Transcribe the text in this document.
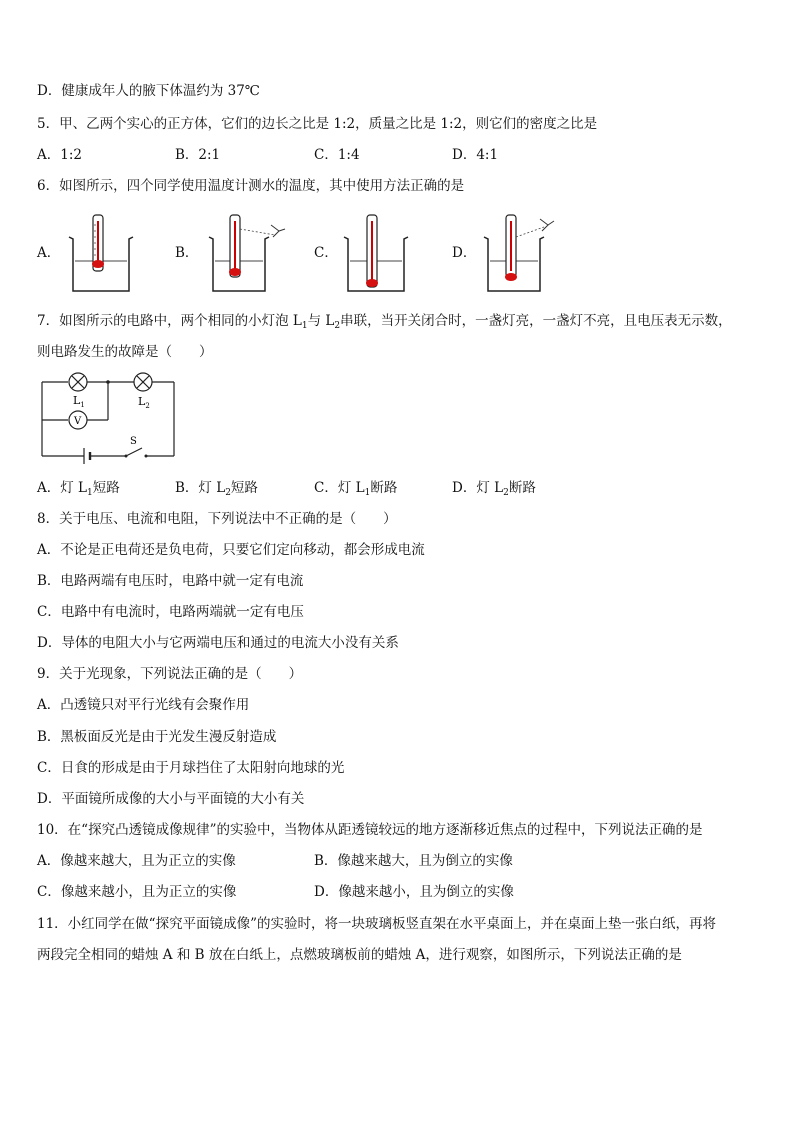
D．健康成年人的腋下体温约为 37℃
5．甲、乙两个实心的正方体，它们的边长之比是 1:2，质量之比是 1:2，则它们的密度之比是
A．1:2	B．2:1	C．1:4	D．4:1
6．如图所示，四个同学使用温度计测水的温度，其中使用方法正确的是
A．	B．	C．	D．
7．如图所示的电路中，两个相同的小灯泡 $L_1$与 $L_2$串联，当开关闭合时，一盏灯亮，一盏灯不亮，且电压表无示数，
则电路发生的故障是（　　）
$L_1$	$L_2$
V
S
A．灯 $L_1$短路	B．灯 $L_2$短路	C．灯 $L_1$断路	D．灯 $L_2$断路
8．关于电压、电流和电阻，下列说法中不正确的是（　　）
A．不论是正电荷还是负电荷，只要它们定向移动，都会形成电流
B．电路两端有电压时，电路中就一定有电流
C．电路中有电流时，电路两端就一定有电压
D．导体的电阻大小与它两端电压和通过的电流大小没有关系
9．关于光现象，下列说法正确的是（　　）
A．凸透镜只对平行光线有会聚作用
B．黑板面反光是由于光发生漫反射造成
C．日食的形成是由于月球挡住了太阳射向地球的光
D．平面镜所成像的大小与平面镜的大小有关
10．在“探究凸透镜成像规律”的实验中，当物体从距透镜较远的地方逐渐移近焦点的过程中，下列说法正确的是
A．像越来越大，且为正立的实像	B．像越来越大，且为倒立的实像
C．像越来越小，且为正立的实像	D．像越来越小，且为倒立的实像
11．小红同学在做“探究平面镜成像”的实验时，将一块玻璃板竖直架在水平桌面上，并在桌面上垫一张白纸，再将
两段完全相同的蜡烛 A 和 B 放在白纸上，点燃玻璃板前的蜡烛 A，进行观察，如图所示，下列说法正确的是
